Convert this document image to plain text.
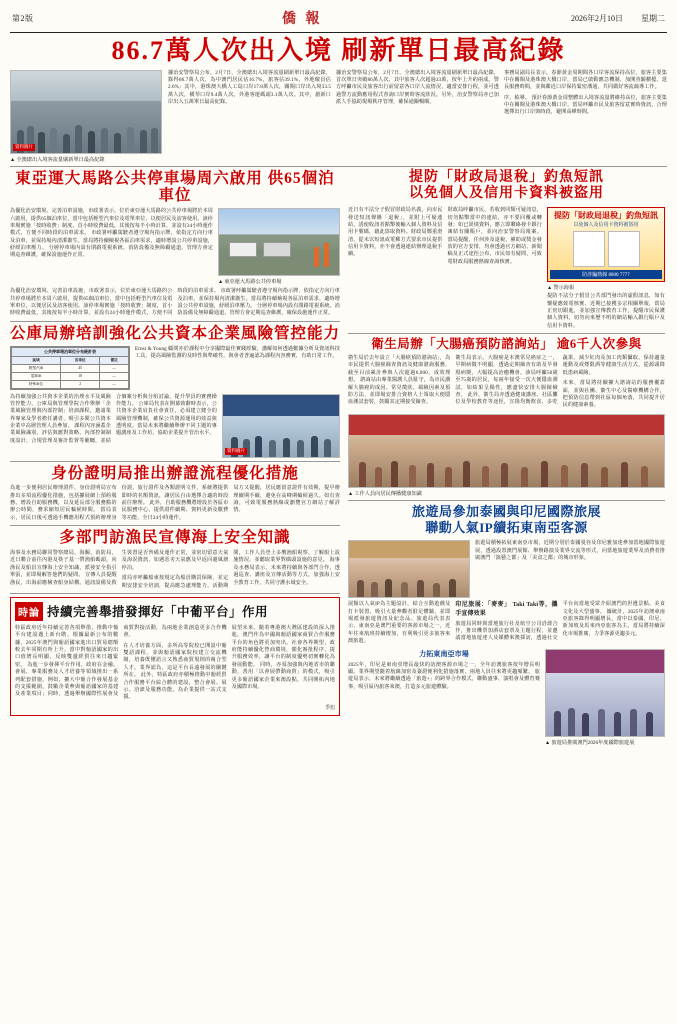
第2版	僑 報	2026年2月10日 星期二
86.7萬人次出入境 刷新單日最高紀錄
資料圖片
▲ 全澳總出入境客流量刷新單日最高紀錄
據治安警察局公布，2月7日，全澳總出入境客流量刷新單日最高紀錄，錄得86.7萬人次，為中澳門居民佔16.7%，旅客佔39.1%，外地僱員佔2.6%；其中，港珠澳大橋人工島口岸17.8萬人次，關閘口岸出入境33.5萬人次，橫琴口岸9.4萬人次，外港客運碼頭3.1萬人次。其中，創新口岸出入五萬單日最高紀錄。
據治安警察局公布，2月7日，全澳總出入境客流量刷新單日最高紀錄，首次單日突破86萬人次，其中旅客人次超過33萬，按年上升約兩成。警方呼籲市民及旅客出行前留意各口岸人流情況，適當安排行程，並可透過警方流動應用程式查詢口岸實時客流狀況。另外，治安警察局亦已加派人手協助現場秩序管理，確保通關暢順。
事務局副局長表示，春節黃金周期間各口岸客流保持高位，旅客主要集中在關閘及港珠澳大橋口岸，當局已啟動應急機制，加開查驗櫃檯、延長服務時間，並與鄰近口岸保持緊密溝通，共同做好客流疏導工作。
序、梳導。 預計春節黃金周整體出入境客流量將維持高位，旅客主要集中在關閘及港珠澳大橋口岸。當局呼籲市民及旅客留意實時資訊，合理選擇出行口岸與時段，避開高峰時間。
東亞運大馬路公共停車場周六啟用 供65個泊車位
為優化治安環境、完善泊車設施，市政署表示，位於東亞運大馬路的公共停車場將於本周六啟用，提供65個泊車位，當中包括輕型汽車位及電單車位，以便居民及訪客使用。該停車場實施「按時收費」制度，首小時收費最低，其後按每半小時計算，並設有24小時運作模式，方便不同時段的泊車需求。 市政署呼籲駕駛者遵守場內指示牌，依指定方向行車及泊車，並保持場內清潔衞生。當局將持續檢視各區泊車需求，適時增設公共停車設施，紓緩泊車壓力。 分層停車場內設有閉路電視系統、消防設備及無障礙通道，管理方會定期巡查維護，確保設施運作正常。
▲ 東亞運大馬路公共停車場
為優化治安環境、完善泊車設施，市政署表示，位於東亞運大馬路的公共停車場將於本周六啟用，提供65個泊車位，當中包括輕型汽車位及電單車位，以便居民及訪客使用。該停車場實施「按時收費」制度，首小時收費最低，其後按每半小時計算，並設有24小時運作模式，方便不同時段的泊車需求。 市政署呼籲駕駛者遵守場內指示牌，依指定方向行車及泊車，並保持場內清潔衞生。當局將持續檢視各區泊車需求，適時增設公共停車設施，紓緩泊車壓力。 分層停車場內設有閉路電視系統、消防設備及無障礙通道，管理方會定期巡查維護，確保設施運作正常。
公庫局辦培訓強化公共資本企業風險管控能力
公共停車場泊車位分布統計表
區域	泊車位	備註
輕型汽車	45	—
電單車	18	—
特殊車位	2	—
Ernst & Young 顧問亦於課程中分享國際最佳實踐經驗，講解如何透過數據分析及資訊科技工具，提高風險監測的及時性與準確性。與會者普遍認為課程內容務實，有助日常工作。
為持續加強公共資本企業的治理水平及風險管控能力，公庫局與管理學院合作舉辦「企業風險管理與內部控制」培訓課程，邀請業界專家及學者擔任講者，吸引多間公共資本企業中高層管理人員參加。 課程內容涵蓋企業風險識別、評估與應對策略、內部控制制度設計、合規管理及審計監督等範疇，並結合個案分析與分組討論，提升學員的實務操作能力。 公庫局代表在開幕致辭時表示，公共資本企業肩負社會責任，必須建立健全的風險管理機制，確保公共資源運用的效益與透明度。當局未來將繼續舉辦不同主題的專題講座及工作坊，協助企業提升管治水平。
資料圖片
身份證明局推出辦證流程優化措施
為進一步便利居民辦理證件，身份證明局宣布推出多項流程優化措施，包括擴展網上預約服務、增設自助服務機，以及延長部分服務點的辦公時間，務求縮短居民輪候時間。 當局表示，居民日後可透過手機應用程式預約辦理身份證、旅行證件及各類證明文件，系統將提供即時的名額資訊，讓居民自由選擇合適的時段前往辦理。 此外，自助服務機將增設於各區市民服務中心，提供證件續期、資料更新及繳費等功能，全日24小時運作。
局方又提醒，居民應留意證件有效期，提早辦理續期手續，避免在高峰期輪候過久。如有查詢，可致電服務熱線或瀏覽官方網站了解詳情。
多部門訪漁民宣傳海上安全知識
海事及水務局聯同警察總局、海關、消防局，近日聯合前往內港及筷子基一帶漁船碼頭，向漁民及船員宣傳海上安全知識，派發安全指引單張，並即場解答他們的疑問。 宣傳人員提醒漁民，出海前應檢查船身結構、通訊設備及救生裝置是否齊備及運作正常，並密切留意天氣及海況資訊，如遇惡劣天氣應及早返回避風塘停泊。
當局亦呼籲船東按規定為船員購買保險，並定期安排安全培訓，提高應急處理能力。活動期間，工作人員登上多艘漁船視察，了解船上設施情況，並聽取業界對碼頭設施的意見。 海事及水務局表示，未來將持續與各部門合作，透過巡查、講座及宣傳活動等方式，加強海上安全教育工作，共同守護水域安全。
時論 持續完善舉措發揮好「中葡平台」作用
特區政府近年持續完善各項舉措，推動中葡平台建設邁上新台階。根據最新公布的數據，2025年澳門與葡語國家進出口貿易總額較去年同期有所上升，當中對葡語國家的出口值增長明顯，反映雙邊經貿往來日趨緊密。 為進一步發揮平台作用，政府在金融、會展、專業服務及人才培養等領域推出一系列配套措施。例如，擴大中葡合作發展基金的支援範圍，鼓勵企業參與葡語國家的基建及產業項目；同時，透過舉辦國際性展會及商貿對接活動，為兩地企業創造更多合作機會。
在人才培養方面，多所高等院校已開設中葡雙語課程，並與葡語國家院校建立交流機制，培養既懂語言又熟悉商貿規則的複合型人才。業界認為，這是平台長遠發展的關鍵所在。 此外，特區政府亦積極推動中葡經貿合作服務平台綜合體的建設，整合會展、展示、洽談及服務功能，為企業提供一站式支援。
展望未來，隨着粵港澳大灣區建設的深入推進，澳門作為中國與葡語國家商貿合作服務平台的角色將更加突出。社會各界期望，政府能持續優化營商環境，簡化審批程序，提升服務效率，讓平台的制度優勢切實轉化為發展動能。 同時，亦須加強與內地省市的聯動，善用「以會展帶動商貿」的模式，吸引更多葡語國家企業來澳設點，共同開拓內地及國際市場。
季旭
提防「財政局退稅」釣魚短訊
以免個人及信用卡資料被盜用
近日有不法分子假冒財政局名義，向市民發送短訊聲稱「退稅」，並附上可疑連結，誘使收訊者點擊後輸入個人資料及信用卡號碼，藉此盜取資料。財政局鄭重澄清，從未以短訊或電郵方式要求市民提供信用卡資料，亦不會透過連結辦理退稅手續。
財政局呼籲市民，若收到同類可疑訊息，切勿點擊當中的連結，亦不要回覆或轉發；如已誤填資料，應立即聯絡發卡銀行凍結有關賬戶，並向治安警察局報案。 當局提醒，任何涉及退稅、補助或獎金發放的官方安排，均會透過官方網站、新聞稿及正式途徑公布，市民如有疑問，可致電財政局服務熱線查詢核實。
提防「財政局退稅」釣魚短訊
以免個人及信用卡資料被盜用
防詐騙熱線 8800 7777
▲ 警示海報
提防不法分子假冒公共部門發出的虛假訊息，如有懷疑應致電核實。近期已接獲多宗相關舉報，當局正密切跟進，並加強宣傳教育工作，提醒市民保護個人資料，切勿向來歷不明的網站輸入銀行賬戶及信用卡資料。
衛生局辦「大腸癌預防諮詢站」 逾6千人次參與
衛生局於去年設立「大腸癌預防諮詢站」，為市民提供大腸癌篩查資訊及健康諮詢服務，截至目前累計參與人次超過6,000，成效理想。 諮詢站由專業醫護人員駐守，為市民講解大腸癌的成因、常見徵狀、風險因素及預防方法，並即場安排合資格人士領取大便隱血測試套裝，鼓勵其定期接受篩查。
衛生局表示，大腸癌是本澳常見癌症之一，早期病徵不明顯，透過定期篩查有助及早發現病變，大幅提高治癒機會。該局呼籲50歲至75歲的居民，每兩年接受一次大便隱血測試，如結果呈陽性，應盡快安排大腸鏡檢查。 此外，衛生局亦透過健康講座、社區攤位及學校教育等途徑，宣揚均衡飲食、多吃蔬果、減少紅肉及加工肉類攝取、保持適量運動及戒煙限酒等健康生活方式，從源頭降低患病風險。
未來，當局將持續擴大諮詢站的服務覆蓋面，並與社團、衞生中心及醫療機構合作，把預防信息帶到社區每個角落，共同提升居民的健康素養。
▲ 工作人員向居民傳播健康知識
旅遊局參加泰國與印尼國際旅展
聯動人氣IP續拓東南亞客源
旅遊局積極拓展東南亞市場，近期分別於泰國曼谷及印尼雅加達參加當地國際旅遊展，透過設置澳門展館、舉辦路演及業界交流等形式，向當地旅遊業界及消費者推廣澳門「演藝之都」及「美食之都」的城市形象。
展館以人氣IP為主題設計，結合互動遊戲及打卡裝置，吸引大量參觀者駐足體驗，並即場派發旅遊資訊及紀念品。旅遊局代表表示，東南亞是澳門重要的客源市場之一，近年往來航班持續增加，有利吸引更多旅客來澳旅遊。
印尼旅展：「麥麥」 Taki Taki等，攜手宣傳效果
旅遊局同時與當地旅行社及航空公司洽談合作，推出機票加酒店套票及主題行程，並邀請當地旅遊達人及媒體來澳採訪，透過社交平台向當地受眾介紹澳門的世遺景點、美食文化及大型盛事。 據統計，2025年訪澳東南亞旅客錄得明顯增長，當中以泰國、印尼、新加坡及馬來西亞旅客為主。當局將持續深化市場推廣，力爭客源更趨多元。
力拓東南亞市場
2025年，印尼是東南亞增長最快的訪澳客源市場之一，全年訪澳旅客按年增長明顯。業界期望隨着航線加密及簽證便利化措施落實，兩地人員往來將更趨頻繁。 旅遊局表示，未來將繼續透過「旅遊+」的跨界合作模式，聯動盛事、演唱會及體育賽事，吸引區內旅客來澳，打造多元旅遊體驗。
▲ 旅遊局推廣澳門2026年度國際旅遊展
